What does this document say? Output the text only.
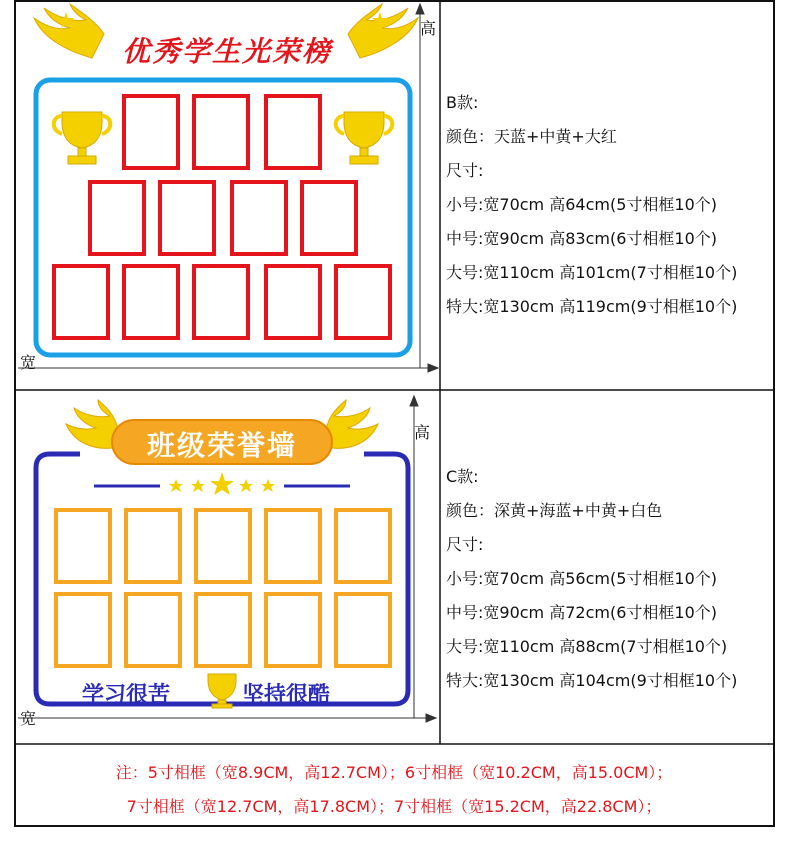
优秀学生光荣榜
高
宽
B款:
颜色：天蓝+中黄+大红
尺寸:
小号:宽70cm 高64cm(5寸相框10个)
中号:宽90cm 高83cm(6寸相框10个)
大号:宽110cm 高101cm(7寸相框10个)
特大:宽130cm 高119cm(9寸相框10个)
班级荣誉墙
学习很苦	坚持很酷
高
宽
C款:
颜色：深黄+海蓝+中黄+白色
尺寸:
小号:宽70cm 高56cm(5寸相框10个)
中号:宽90cm 高72cm(6寸相框10个)
大号:宽110cm 高88cm(7寸相框10个)
特大:宽130cm 高104cm(9寸相框10个)
注：5寸相框（宽8.9CM，高12.7CM）；6寸相框（宽10.2CM，高15.0CM）；
7寸相框（宽12.7CM，高17.8CM）；7寸相框（宽15.2CM，高22.8CM）；
